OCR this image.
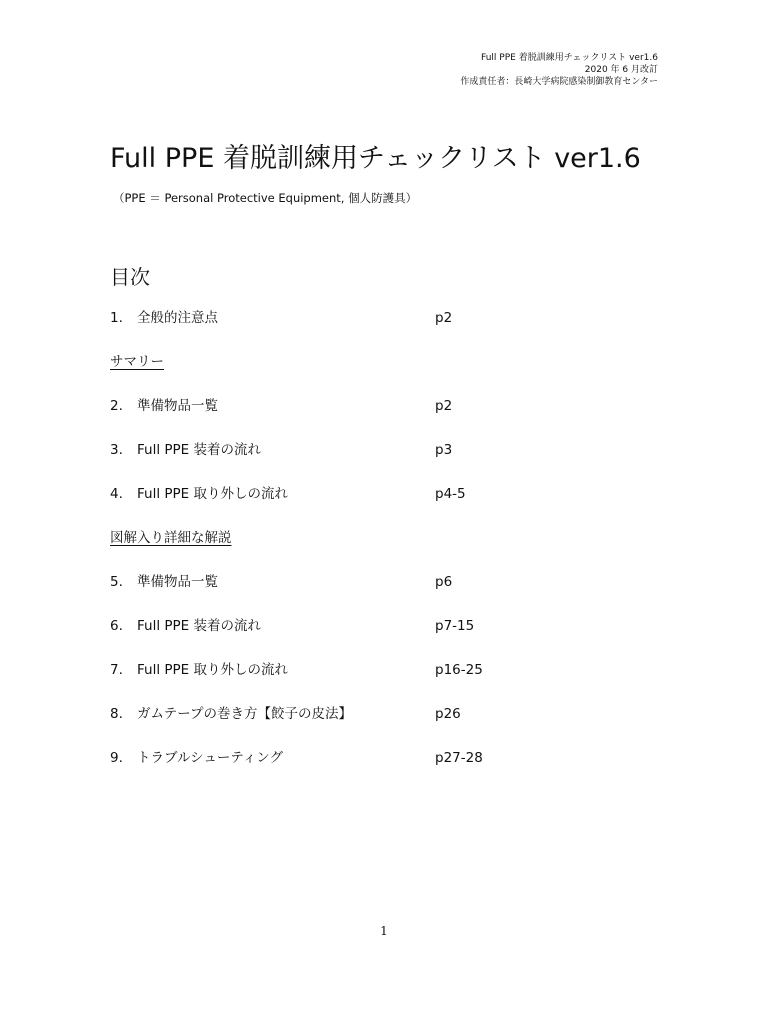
Full PPE 着脱訓練用チェックリスト ver1.6
2020 年 6 月改訂
作成責任者：長崎大学病院感染制御教育センター
Full PPE 着脱訓練用チェックリスト ver1.6
（PPE ＝ Personal Protective Equipment, 個人防護具）
目次
1. 全般的注意点	p2
サマリー
2. 準備物品一覧	p2
3. Full PPE 装着の流れ	p3
4. Full PPE 取り外しの流れ	p4-5
図解入り詳細な解説
5. 準備物品一覧	p6
6. Full PPE 装着の流れ	p7-15
7. Full PPE 取り外しの流れ	p16-25
8. ガムテープの巻き方【餃子の皮法】	p26
9. トラブルシューティング	p27-28
1
